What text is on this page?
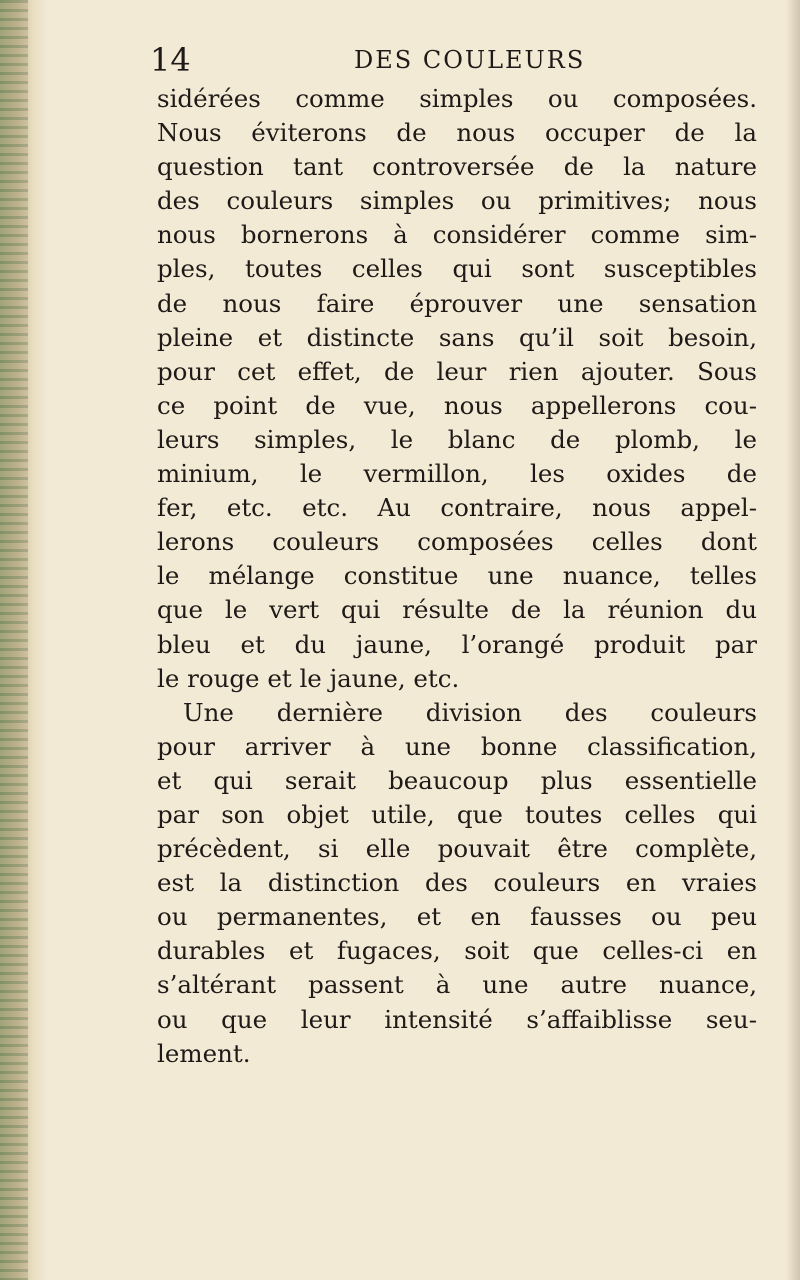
14	DES COULEURS
sidérées comme simples ou composées.
Nous éviterons de nous occuper de la
question tant controversée de la nature
des couleurs simples ou primitives; nous
nous bornerons à considérer comme sim-
ples, toutes celles qui sont susceptibles
de nous faire éprouver une sensation
pleine et distincte sans qu’il soit besoin,
pour cet effet, de leur rien ajouter. Sous
ce point de vue, nous appellerons cou-
leurs simples, le blanc de plomb, le
minium, le vermillon, les oxides de
fer, etc. etc. Au contraire, nous appel-
lerons couleurs composées celles dont
le mélange constitue une nuance, telles
que le vert qui résulte de la réunion du
bleu et du jaune, l’orangé produit par
le rouge et le jaune, etc.
Une dernière division des couleurs
pour arriver à une bonne classification,
et qui serait beaucoup plus essentielle
par son objet utile, que toutes celles qui
précèdent, si elle pouvait être complète,
est la distinction des couleurs en vraies
ou permanentes, et en fausses ou peu
durables et fugaces, soit que celles-ci en
s’altérant passent à une autre nuance,
ou que leur intensité s’affaiblisse seu-
lement.
